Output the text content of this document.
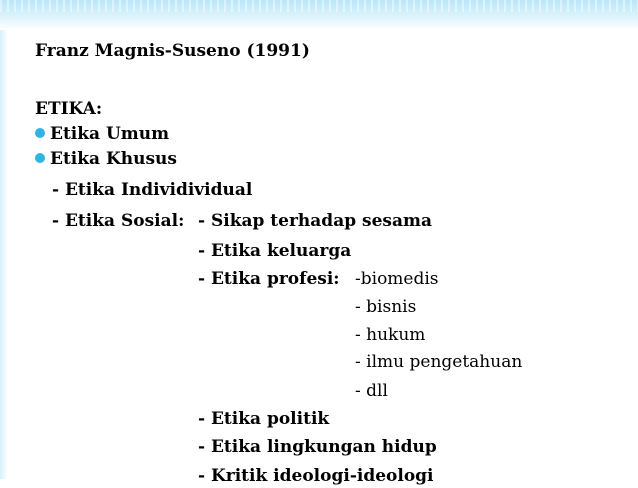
Franz Magnis-Suseno (1991)
ETIKA:
Etika Umum
Etika Khusus
- Etika Individividual
- Etika Sosial: - Sikap terhadap sesama
- Etika keluarga
- Etika profesi: -biomedis
- bisnis
- hukum
- ilmu pengetahuan
- dll
- Etika politik
- Etika lingkungan hidup
- Kritik ideologi-ideologi
